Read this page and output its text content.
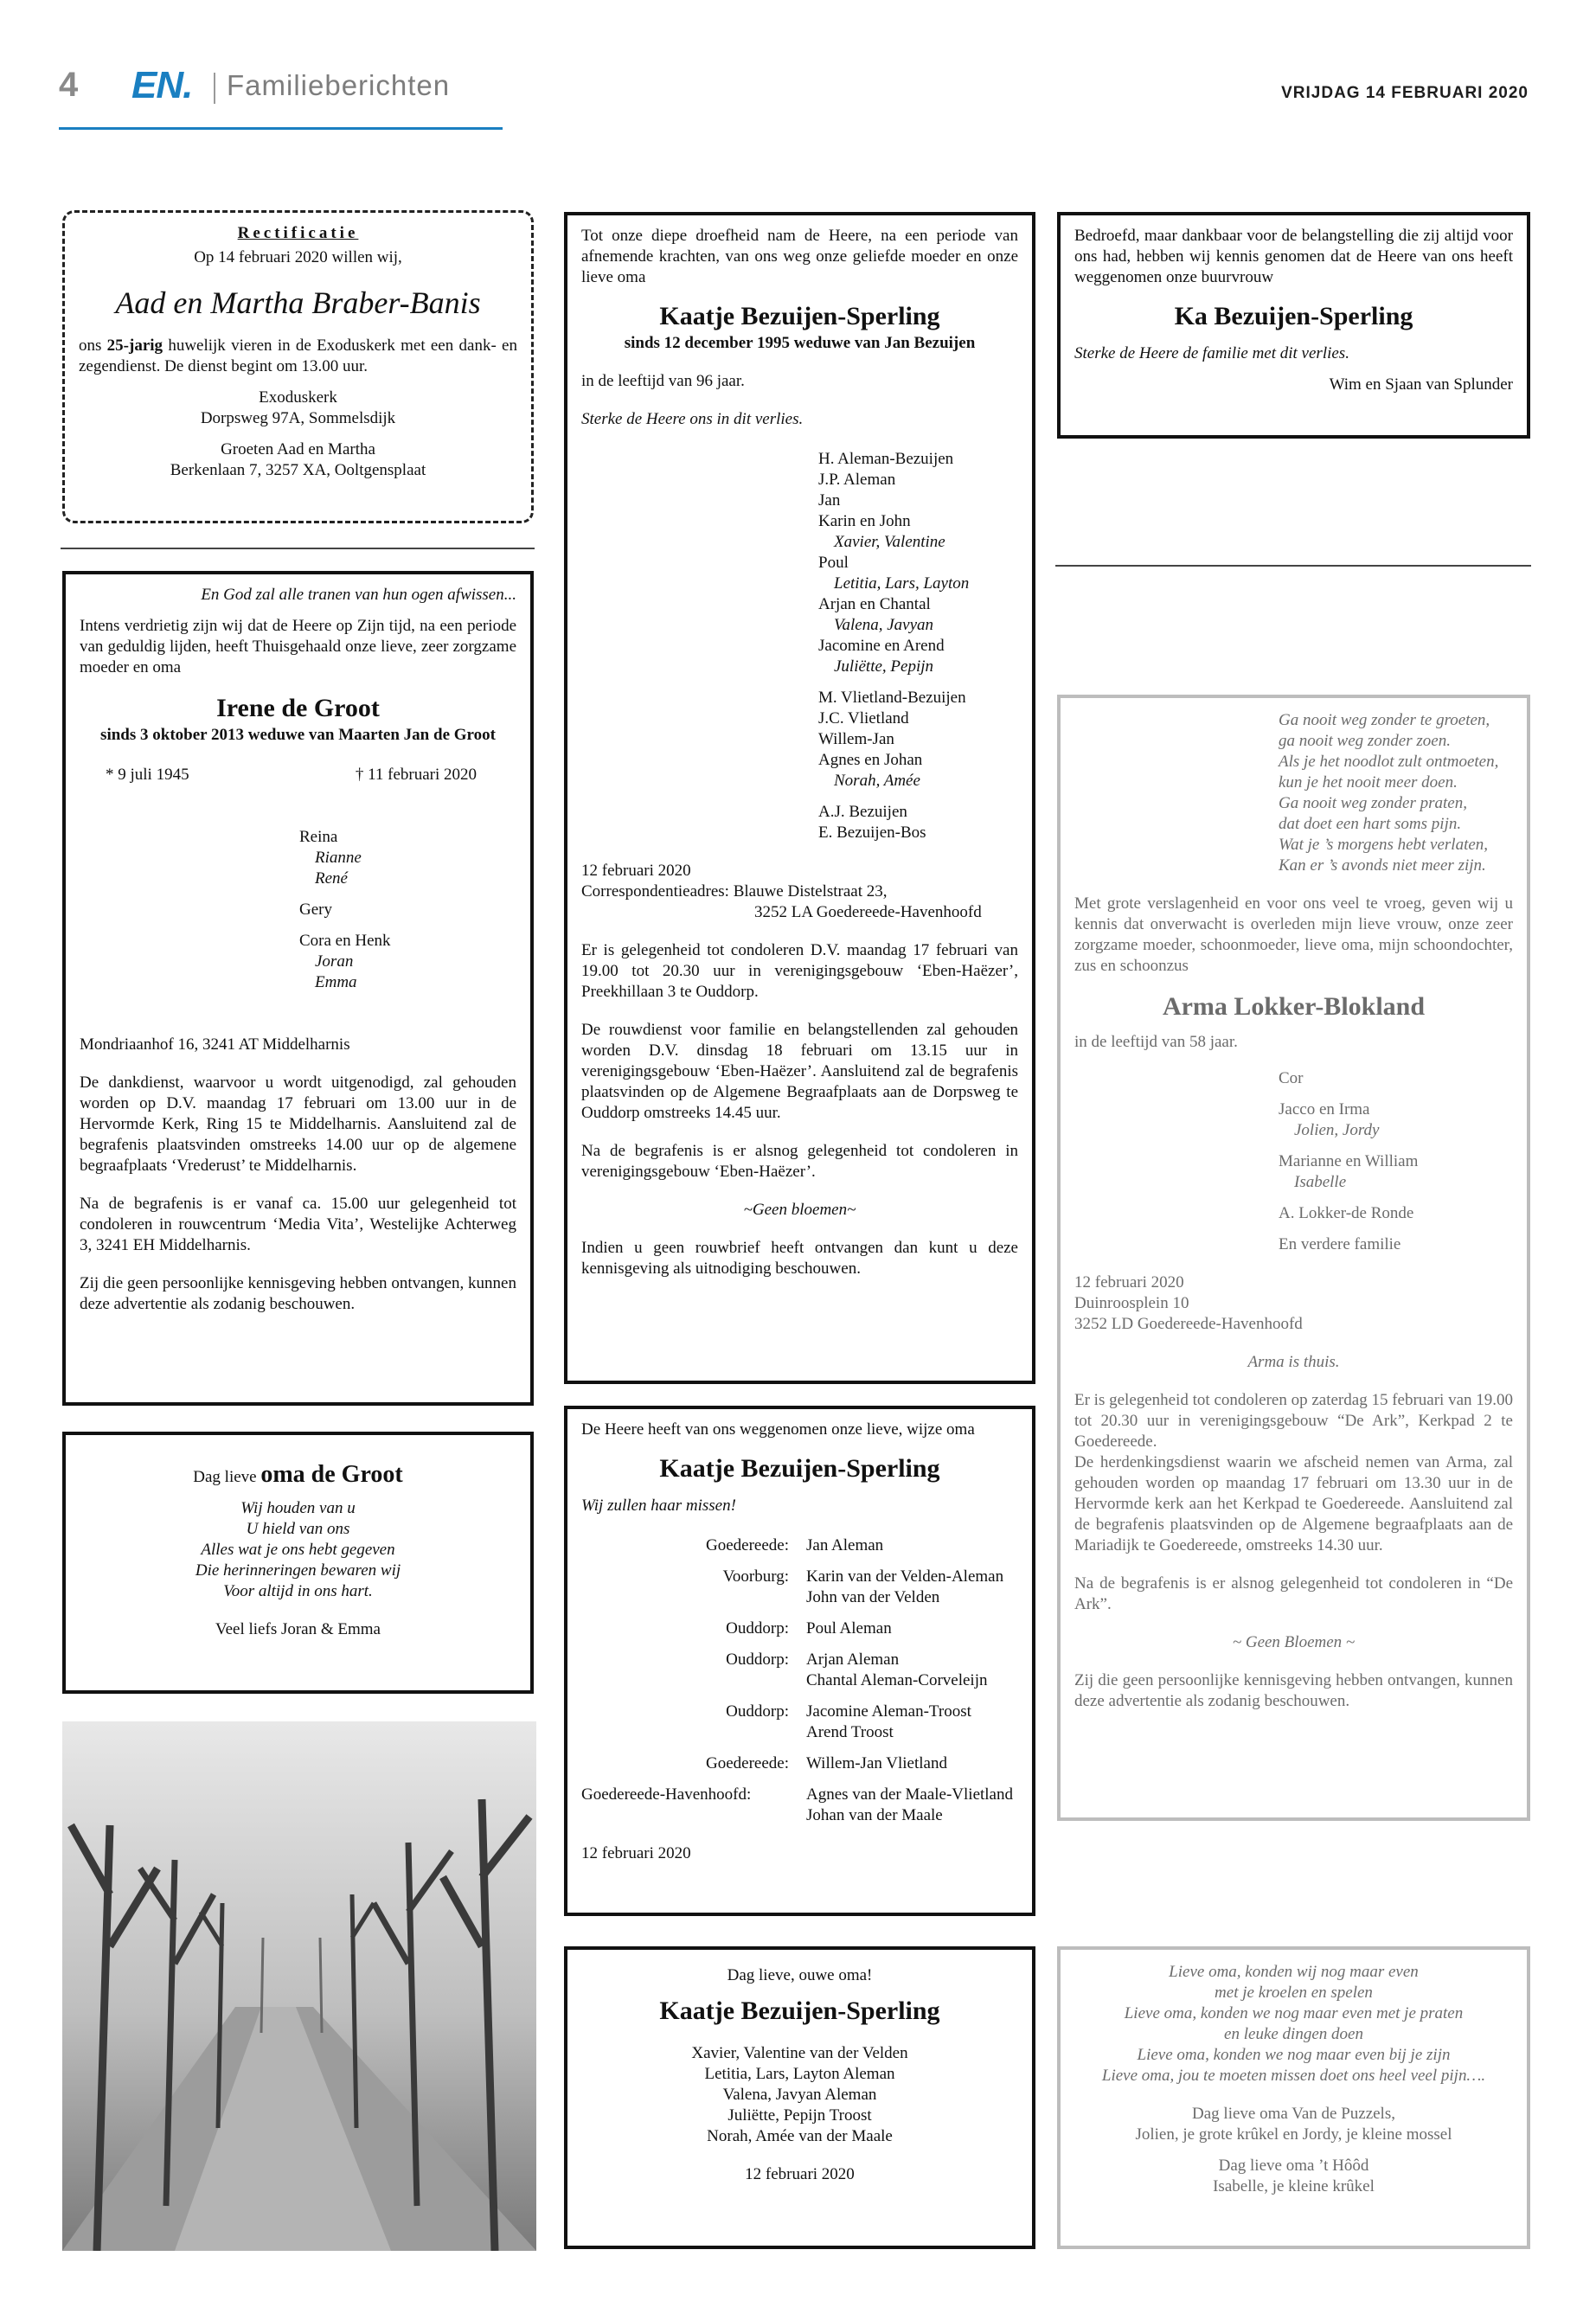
4 EN. Familieberichten	VRIJDAG 14 FEBRUARI 2020

Rectificatie

Op 14 februari 2020 willen wij,

Aad en Martha Braber-Banis

ons 25-jarig huwelijk vieren in de Exoduskerk met een dank- en zegendienst. De dienst begint om 13.00 uur.

Exoduskerk

Dorpsweg 97A, Sommelsdijk

Groeten Aad en Martha

Berkenlaan 7, 3257 XA, Ooltgensplaat

En God zal alle tranen van hun ogen afwissen...

Intens verdrietig zijn wij dat de Heere op Zijn tijd, na een periode van geduldig lijden, heeft Thuisgehaald onze lieve, zeer zorgzame moeder en oma

Irene de Groot

sinds 3 oktober 2013 weduwe van Maarten Jan de Groot

* 9 juli 1945	† 11 februari 2020

Reina

Rianne

René

Gery

Cora en Henk

Joran

Emma

Mondriaanhof 16, 3241 AT Middelharnis

De dankdienst, waarvoor u wordt uitgenodigd, zal gehouden worden op D.V. maandag 17 februari om 13.00 uur in de Hervormde Kerk, Ring 15 te Middelharnis. Aansluitend zal de begrafenis plaatsvinden omstreeks 14.00 uur op de algemene begraafplaats ‘Vrederust’ te Middelharnis.

Na de begrafenis is er vanaf ca. 15.00 uur gelegenheid tot condoleren in rouwcentrum ‘Media Vita’, Westelijke Achterweg 3, 3241 EH Middelharnis.

Zij die geen persoonlijke kennisgeving hebben ontvangen, kunnen deze advertentie als zodanig beschouwen.

Dag lieve oma de Groot

Wij houden van u

U hield van ons

Alles wat je ons hebt gegeven

Die herinneringen bewaren wij

Voor altijd in ons hart.

Veel liefs Joran & Emma

Tot onze diepe droefheid nam de Heere, na een periode van afnemende krachten, van ons weg onze geliefde moeder en onze lieve oma

Kaatje Bezuijen-Sperling

sinds 12 december 1995 weduwe van Jan Bezuijen

in de leeftijd van 96 jaar.

Sterke de Heere ons in dit verlies.

H. Aleman-Bezuijen

J.P. Aleman

Jan

Karin en John

Xavier, Valentine

Poul

Letitia, Lars, Layton

Arjan en Chantal

Valena, Javyan

Jacomine en Arend

Juliëtte, Pepijn

M. Vlietland-Bezuijen

J.C. Vlietland

Willem-Jan

Agnes en Johan

Norah, Amée

A.J. Bezuijen

E. Bezuijen-Bos

12 februari 2020

Correspondentieadres: Blauwe Distelstraat 23,

3252 LA Goedereede-Havenhoofd

Er is gelegenheid tot condoleren D.V. maandag 17 februari van 19.00 tot 20.30 uur in verenigingsgebouw ‘Eben-Haëzer’, Preekhillaan 3 te Ouddorp.

De rouwdienst voor familie en belangstellenden zal gehouden worden D.V. dinsdag 18 februari om 13.15 uur in verenigingsgebouw ‘Eben-Haëzer’. Aansluitend zal de begrafenis plaatsvinden op de Algemene Begraafplaats aan de Dorpsweg te Ouddorp omstreeks 14.45 uur.

Na de begrafenis is er alsnog gelegenheid tot condoleren in verenigingsgebouw ‘Eben-Haëzer’.

~Geen bloemen~

Indien u geen rouwbrief heeft ontvangen dan kunt u deze kennisgeving als uitnodiging beschouwen.

De Heere heeft van ons weggenomen onze lieve, wijze oma

Kaatje Bezuijen-Sperling

Wij zullen haar missen!

Goedereede:	Jan Aleman
Voorburg:	Karin van der Velden-Aleman
John van der Velden
Ouddorp:	Poul Aleman
Ouddorp:	Arjan Aleman
Chantal Aleman-Corveleijn
Ouddorp:	Jacomine Aleman-Troost
Arend Troost
Goedereede:	Willem-Jan Vlietland
Goedereede-Havenhoofd:	Agnes van der Maale-Vlietland
Johan van der Maale

12 februari 2020

Dag lieve, ouwe oma!

Kaatje Bezuijen-Sperling

Xavier, Valentine van der Velden

Letitia, Lars, Layton Aleman

Valena, Javyan Aleman

Juliëtte, Pepijn Troost

Norah, Amée van der Maale

12 februari 2020

Bedroefd, maar dankbaar voor de belangstelling die zij altijd voor ons had, hebben wij kennis genomen dat de Heere van ons heeft weggenomen onze buurvrouw

Ka Bezuijen-Sperling

Sterke de Heere de familie met dit verlies.

Wim en Sjaan van Splunder

Ga nooit weg zonder te groeten,

ga nooit weg zonder zoen.

Als je het noodlot zult ontmoeten,

kun je het nooit meer doen.

Ga nooit weg zonder praten,

dat doet een hart soms pijn.

Wat je ’s morgens hebt verlaten,

Kan er ’s avonds niet meer zijn.

Met grote verslagenheid en voor ons veel te vroeg, geven wij u kennis dat onverwacht is overleden mijn lieve vrouw, onze zeer zorgzame moeder, schoonmoeder, lieve oma, mijn schoondochter, zus en schoonzus

Arma Lokker-Blokland

in de leeftijd van 58 jaar.

Cor

Jacco en Irma

Jolien, Jordy

Marianne en William

Isabelle

A. Lokker-de Ronde

En verdere familie

12 februari 2020

Duinroosplein 10

3252 LD Goedereede-Havenhoofd

Arma is thuis.

Er is gelegenheid tot condoleren op zaterdag 15 februari van 19.00 tot 20.30 uur in verenigingsgebouw “De Ark”, Kerkpad 2 te Goedereede.

De herdenkingsdienst waarin we afscheid nemen van Arma, zal gehouden worden op maandag 17 februari om 13.30 uur in de Hervormde kerk aan het Kerkpad te Goedereede. Aansluitend zal de begrafenis plaatsvinden op de Algemene begraafplaats aan de Mariadijk te Goedereede, omstreeks 14.30 uur.

Na de begrafenis is er alsnog gelegenheid tot condoleren in “De Ark”.

~ Geen Bloemen ~

Zij die geen persoonlijke kennisgeving hebben ontvangen, kunnen deze advertentie als zodanig beschouwen.

Lieve oma, konden wij nog maar even

met je kroelen en spelen

Lieve oma, konden we nog maar even met je praten

en leuke dingen doen

Lieve oma, konden we nog maar even bij je zijn

Lieve oma, jou te moeten missen doet ons heel veel pijn….

Dag lieve oma Van de Puzzels,

Jolien, je grote krûkel en Jordy, je kleine mossel

Dag lieve oma ’t Hôôd

Isabelle, je kleine krûkel
